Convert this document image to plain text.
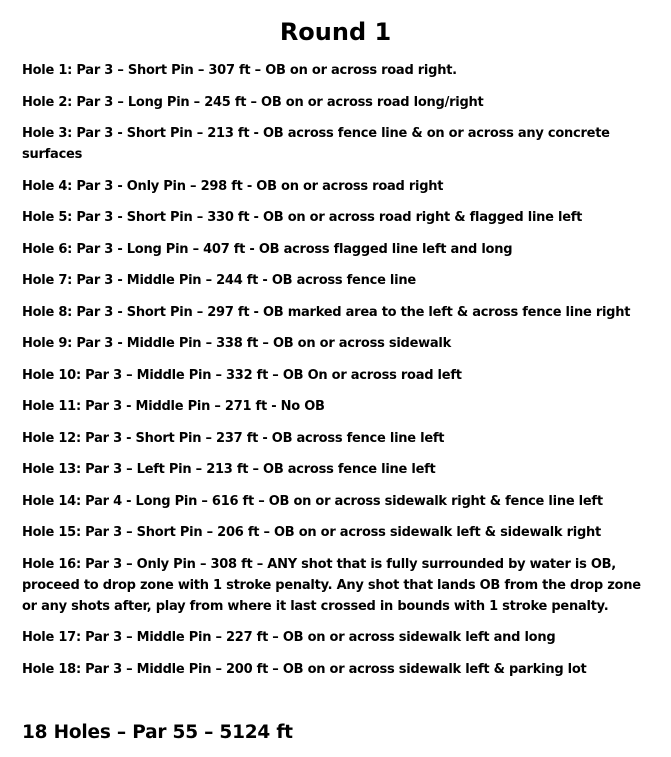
Round 1
Hole 1: Par 3 – Short Pin – 307 ft – OB on or across road right.
Hole 2: Par 3 – Long Pin – 245 ft – OB on or across road long/right
Hole 3: Par 3 - Short Pin – 213 ft - OB across fence line & on or across any concrete surfaces
Hole 4: Par 3 - Only Pin – 298 ft - OB on or across road right
Hole 5: Par 3 - Short Pin – 330 ft - OB on or across road right & flagged line left
Hole 6: Par 3 - Long Pin – 407 ft - OB across flagged line left and long
Hole 7: Par 3 - Middle Pin – 244 ft - OB across fence line
Hole 8: Par 3 - Short Pin – 297 ft - OB marked area to the left & across fence line right
Hole 9: Par 3 - Middle Pin – 338 ft – OB on or across sidewalk
Hole 10: Par 3 – Middle Pin – 332 ft – OB On or across road left
Hole 11: Par 3 - Middle Pin – 271 ft - No OB
Hole 12: Par 3 - Short Pin – 237 ft - OB across fence line left
Hole 13: Par 3 – Left Pin – 213 ft – OB across fence line left
Hole 14: Par 4 - Long Pin – 616 ft – OB on or across sidewalk right & fence line left
Hole 15: Par 3 – Short Pin – 206 ft – OB on or across sidewalk left & sidewalk right
Hole 16: Par 3 – Only Pin – 308 ft – ANY shot that is fully surrounded by water is OB, proceed to drop zone with 1 stroke penalty. Any shot that lands OB from the drop zone or any shots after, play from where it last crossed in bounds with 1 stroke penalty.
Hole 17: Par 3 – Middle Pin – 227 ft – OB on or across sidewalk left and long
Hole 18: Par 3 – Middle Pin – 200 ft – OB on or across sidewalk left & parking lot
18 Holes – Par 55 – 5124 ft
